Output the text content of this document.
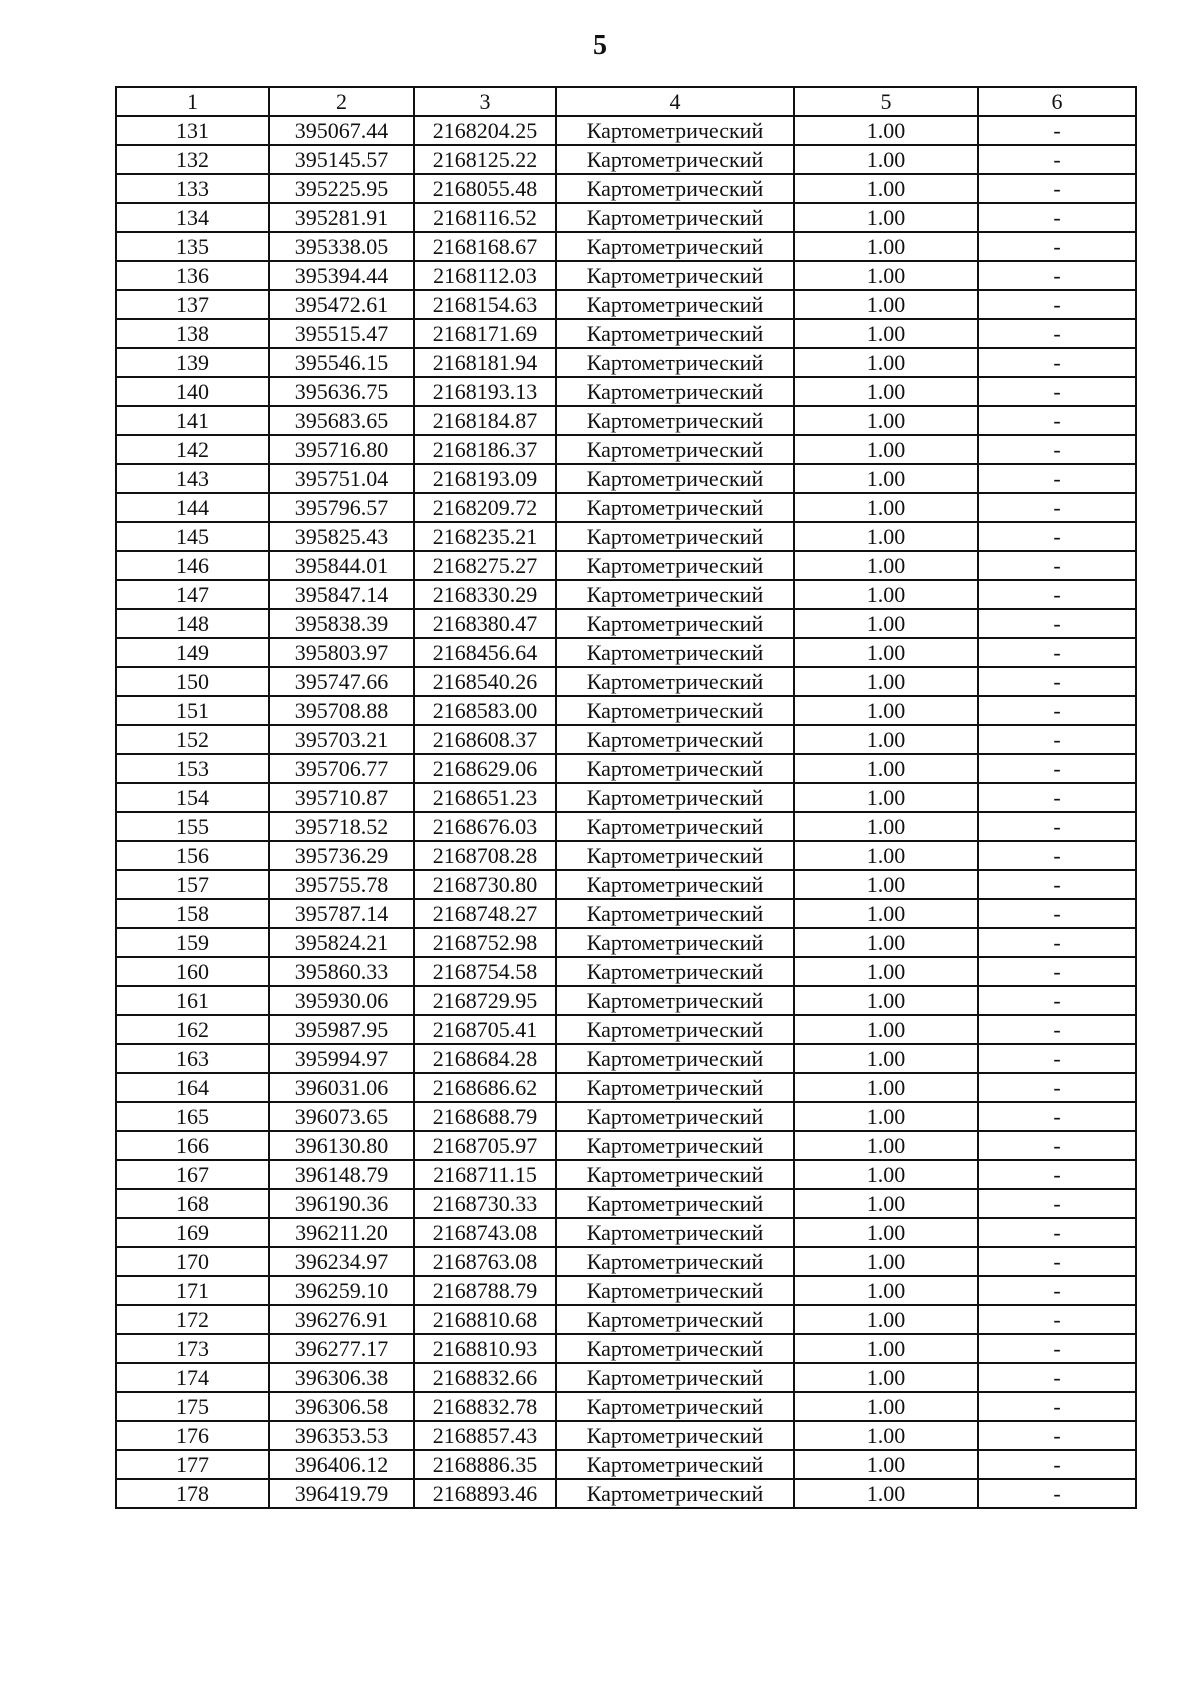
5
1	2	3	4	5	6
131	395067.44	2168204.25	Картометрический	1.00	-
132	395145.57	2168125.22	Картометрический	1.00	-
133	395225.95	2168055.48	Картометрический	1.00	-
134	395281.91	2168116.52	Картометрический	1.00	-
135	395338.05	2168168.67	Картометрический	1.00	-
136	395394.44	2168112.03	Картометрический	1.00	-
137	395472.61	2168154.63	Картометрический	1.00	-
138	395515.47	2168171.69	Картометрический	1.00	-
139	395546.15	2168181.94	Картометрический	1.00	-
140	395636.75	2168193.13	Картометрический	1.00	-
141	395683.65	2168184.87	Картометрический	1.00	-
142	395716.80	2168186.37	Картометрический	1.00	-
143	395751.04	2168193.09	Картометрический	1.00	-
144	395796.57	2168209.72	Картометрический	1.00	-
145	395825.43	2168235.21	Картометрический	1.00	-
146	395844.01	2168275.27	Картометрический	1.00	-
147	395847.14	2168330.29	Картометрический	1.00	-
148	395838.39	2168380.47	Картометрический	1.00	-
149	395803.97	2168456.64	Картометрический	1.00	-
150	395747.66	2168540.26	Картометрический	1.00	-
151	395708.88	2168583.00	Картометрический	1.00	-
152	395703.21	2168608.37	Картометрический	1.00	-
153	395706.77	2168629.06	Картометрический	1.00	-
154	395710.87	2168651.23	Картометрический	1.00	-
155	395718.52	2168676.03	Картометрический	1.00	-
156	395736.29	2168708.28	Картометрический	1.00	-
157	395755.78	2168730.80	Картометрический	1.00	-
158	395787.14	2168748.27	Картометрический	1.00	-
159	395824.21	2168752.98	Картометрический	1.00	-
160	395860.33	2168754.58	Картометрический	1.00	-
161	395930.06	2168729.95	Картометрический	1.00	-
162	395987.95	2168705.41	Картометрический	1.00	-
163	395994.97	2168684.28	Картометрический	1.00	-
164	396031.06	2168686.62	Картометрический	1.00	-
165	396073.65	2168688.79	Картометрический	1.00	-
166	396130.80	2168705.97	Картометрический	1.00	-
167	396148.79	2168711.15	Картометрический	1.00	-
168	396190.36	2168730.33	Картометрический	1.00	-
169	396211.20	2168743.08	Картометрический	1.00	-
170	396234.97	2168763.08	Картометрический	1.00	-
171	396259.10	2168788.79	Картометрический	1.00	-
172	396276.91	2168810.68	Картометрический	1.00	-
173	396277.17	2168810.93	Картометрический	1.00	-
174	396306.38	2168832.66	Картометрический	1.00	-
175	396306.58	2168832.78	Картометрический	1.00	-
176	396353.53	2168857.43	Картометрический	1.00	-
177	396406.12	2168886.35	Картометрический	1.00	-
178	396419.79	2168893.46	Картометрический	1.00	-
